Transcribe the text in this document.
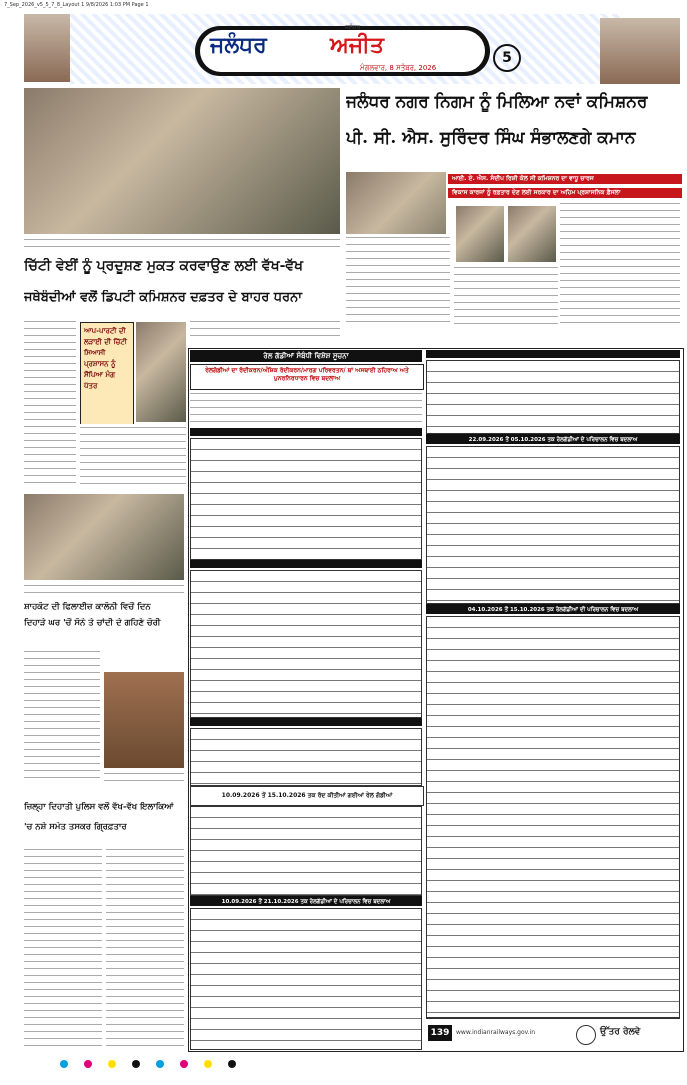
7_Sep_2026_v5_5_7_8_Layout 1 9/8/2026 1:03 PM Page 1
ਜਲੰਧਰ
ਜਲੰਧਰ	ਅਜੀਤ
ਮੰਗਲਵਾਰ, 8 ਸਤੰਬਰ, 2026
5
ਜਲੰਧਰ ਨਗਰ ਨਿਗਮ ਨੂੰ ਮਿਲਿਆ ਨਵਾਂ ਕਮਿਸ਼ਨਰ
ਪੀ. ਸੀ. ਐਸ. ਸੁਰਿੰਦਰ ਸਿੰਘ ਸੰਭਾਲਣਗੇ ਕਮਾਨ
ਆਈ. ਏ. ਐਸ. ਸੰਦੀਪ ਰਿਸ਼ੀ ਕੋਲ ਸੀ ਕਮਿਸ਼ਨਰ ਦਾ ਵਾਧੂ ਚਾਰਜ
ਵਿਕਾਸ ਕਾਰਜਾਂ ਨੂੰ ਰਫ਼ਤਾਰ ਦੇਣ ਲਈ ਸਰਕਾਰ ਦਾ ਅਹਿਮ ਪ੍ਰਸ਼ਾਸਨਿਕ ਫ਼ੈਸਲਾ
ਚਿੱਟੀ ਵੇਈਂ ਨੂੰ ਪ੍ਰਦੂਸ਼ਣ ਮੁਕਤ ਕਰਵਾਉਣ ਲਈ ਵੱਖ-ਵੱਖ
ਜਥੇਬੰਦੀਆਂ ਵਲੋਂ ਡਿਪਟੀ ਕਮਿਸ਼ਨਰ ਦਫ਼ਤਰ ਦੇ ਬਾਹਰ ਧਰਨਾ
ਆਪ-ਪਾਰਟੀ ਦੀ ਲੜਾਈ ਦੀ ਚਿੱਟੀ ਸਿਆਸੀ ਪ੍ਰਸ਼ਾਸਨ ਨੂੰ ਸੌਂਪਿਆ ਮੰਗ ਪੱਤਰ
ਸ਼ਾਹਕੋਟ ਦੀ ਫਿਲਾਈਜ਼ ਕਾਲੋਨੀ ਵਿਚੋਂ ਦਿਨ
ਦਿਹਾੜੇ ਘਰ 'ਚੋਂ ਸੋਨੇ ਤੇ ਚਾਂਦੀ ਦੇ ਗਹਿਣੇ ਚੋਰੀ
ਜ਼ਿਲ੍ਹਾ ਦਿਹਾਤੀ ਪੁਲਿਸ ਵਲੋਂ ਵੱਖ-ਵੱਖ ਇਲਾਕਿਆਂ
'ਚ ਨਸ਼ੇ ਸਮੇਤ ਤਸਕਰ ਗ੍ਰਿਫ਼ਤਾਰ
ਰੇਲ ਗੱਡੀਆਂ ਸੰਬੰਧੀ ਵਿਸ਼ੇਸ਼ ਸੂਚਨਾ
ਰੇਲਗੱਡੀਆਂ ਦਾ ਰੱਦੀਕਰਨ/ਅੰਸ਼ਿਕ ਰੱਦੀਕਰਨ/ਮਾਰਗ ਪਰਿਵਰਤਨ/ ਥਾਂ ਅਸਥਾਈ ਠਹਿਰਾਅ ਅਤੇ ਪੁਨਰਨਿਰਧਾਰਨ ਵਿਚ ਬਦਲਾਅ
10.09.2026 ਤੋਂ 15.10.2026 ਤਕ ਰੱਦ ਕੀਤੀਆਂ ਗਈਆਂ ਰੇਲ ਗੱਡੀਆਂ
10.09.2026 ਤੋਂ 21.10.2026 ਤਕ ਰੇਲਗੱਡੀਆਂ ਦੇ ਪਰਿਚਾਲਨ ਵਿਚ ਬਦਲਾਅ
22.09.2026 ਤੋਂ 05.10.2026 ਤਕ ਰੇਲਗੱਡੀਆਂ ਦੇ ਪਰਿਚਾਲਨ ਵਿਚ ਬਦਲਾਅ
04.10.2026 ਤੋਂ 15.10.2026 ਤਕ ਰੇਲਗੱਡੀਆਂ ਦੀ ਪਰਿਚਾਲਨ ਵਿਚ ਬਦਲਾਅ
139	www.indianrailways.gov.in	ਉੱਤਰ ਰੇਲਵੇ
